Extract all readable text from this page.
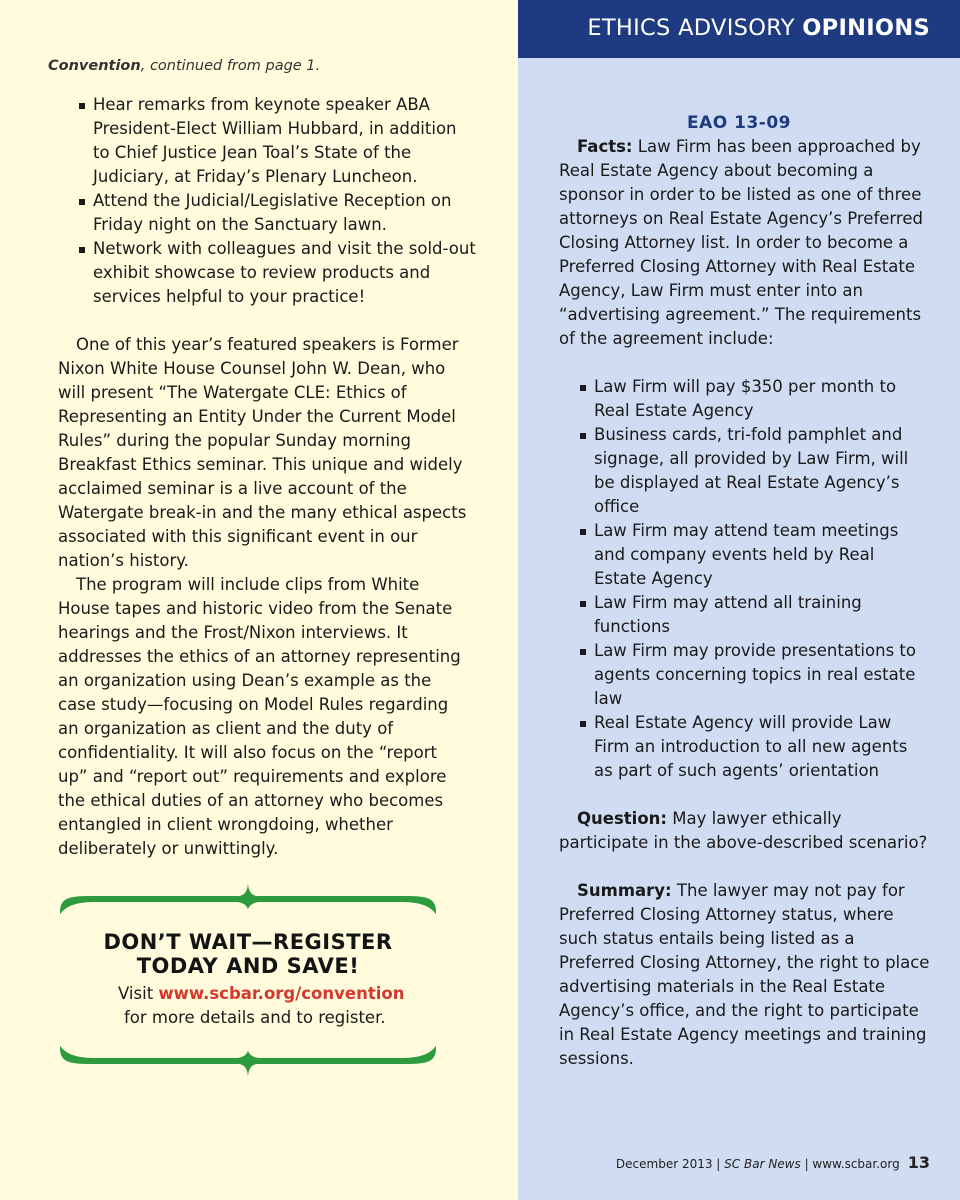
ETHICS ADVISORY OPINIONS
Convention, continued from page 1.
Hear remarks from keynote speaker ABA President-Elect William Hubbard, in addition to Chief Justice Jean Toal’s State of the Judiciary, at Friday’s Plenary Luncheon.
Attend the Judicial/Legislative Reception on Friday night on the Sanctuary lawn.
Network with colleagues and visit the sold-out exhibit showcase to review products and services helpful to your practice!

One of this year’s featured speakers is Former Nixon White House Counsel John W. Dean, who will present “The Watergate CLE: Ethics of Representing an Entity Under the Current Model Rules” during the popular Sunday morning Breakfast Ethics seminar. This unique and widely acclaimed seminar is a live account of the Watergate break-in and the many ethical aspects associated with this significant event in our nation’s history.

The program will include clips from White House tapes and historic video from the Senate hearings and the Frost/Nixon interviews. It addresses the ethics of an attorney representing an organization using Dean’s example as the case study—focusing on Model Rules regarding an organization as client and the duty of confidentiality. It will also focus on the “report up” and “report out” requirements and explore the ethical duties of an attorney who becomes entangled in client wrongdoing, whether deliberately or unwittingly.

DON’T WAIT—REGISTER
TODAY AND SAVE!
Visit www.scbar.org/convention
for more details and to register.
EAO 13-09

Facts: Law Firm has been approached by Real Estate Agency about becoming a sponsor in order to be listed as one of three attorneys on Real Estate Agency’s Preferred Closing Attorney list. In order to become a Preferred Closing Attorney with Real Estate Agency, Law Firm must enter into an “advertising agreement.” The requirements of the agreement include:

Law Firm will pay $350 per month to Real Estate Agency
Business cards, tri-fold pamphlet and signage, all provided by Law Firm, will be displayed at Real Estate Agency’s office
Law Firm may attend team meetings and company events held by Real Estate Agency
Law Firm may attend all training functions
Law Firm may provide presentations to agents concerning topics in real estate law
Real Estate Agency will provide Law Firm an introduction to all new agents as part of such agents’ orientation

Question: May lawyer ethically participate in the above-described scenario?

Summary: The lawyer may not pay for Preferred Closing Attorney status, where such status entails being listed as a Preferred Closing Attorney, the right to place advertising materials in the Real Estate Agency’s office, and the right to participate in Real Estate Agency meetings and training sessions.

December 2013 | SC Bar News | www.scbar.org 13
